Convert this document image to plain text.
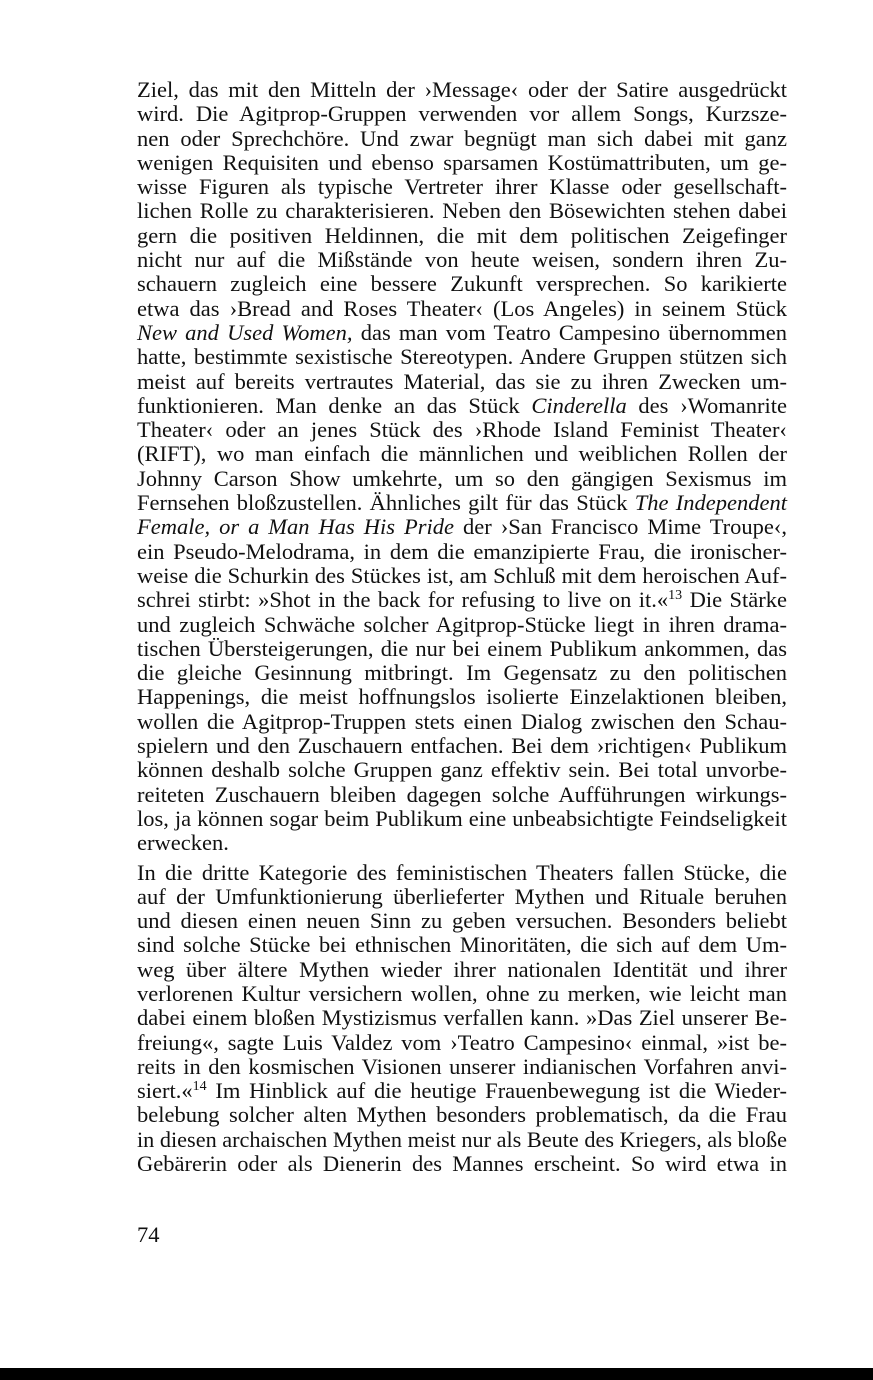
Ziel, das mit den Mitteln der ›Message‹ oder der Satire ausgedrückt
wird. Die Agitprop-Gruppen verwenden vor allem Songs, Kurzsze-
nen oder Sprechchöre. Und zwar begnügt man sich dabei mit ganz
wenigen Requisiten und ebenso sparsamen Kostümattributen, um ge-
wisse Figuren als typische Vertreter ihrer Klasse oder gesellschaft-
lichen Rolle zu charakterisieren. Neben den Bösewichten stehen dabei
gern die positiven Heldinnen, die mit dem politischen Zeigefinger
nicht nur auf die Mißstände von heute weisen, sondern ihren Zu-
schauern zugleich eine bessere Zukunft versprechen. So karikierte
etwa das ›Bread and Roses Theater‹ (Los Angeles) in seinem Stück
New and Used Women, das man vom Teatro Campesino übernommen
hatte, bestimmte sexistische Stereotypen. Andere Gruppen stützen sich
meist auf bereits vertrautes Material, das sie zu ihren Zwecken um-
funktionieren. Man denke an das Stück Cinderella des ›Womanrite
Theater‹ oder an jenes Stück des ›Rhode Island Feminist Theater‹
(RIFT), wo man einfach die männlichen und weiblichen Rollen der
Johnny Carson Show umkehrte, um so den gängigen Sexismus im
Fernsehen bloßzustellen. Ähnliches gilt für das Stück The Independent
Female, or a Man Has His Pride der ›San Francisco Mime Troupe‹,
ein Pseudo-Melodrama, in dem die emanzipierte Frau, die ironischer-
weise die Schurkin des Stückes ist, am Schluß mit dem heroischen Auf-
schrei stirbt: »Shot in the back for refusing to live on it.«$^{13}$ Die Stärke
und zugleich Schwäche solcher Agitprop-Stücke liegt in ihren drama-
tischen Übersteigerungen, die nur bei einem Publikum ankommen, das
die gleiche Gesinnung mitbringt. Im Gegensatz zu den politischen
Happenings, die meist hoffnungslos isolierte Einzelaktionen bleiben,
wollen die Agitprop-Truppen stets einen Dialog zwischen den Schau-
spielern und den Zuschauern entfachen. Bei dem ›richtigen‹ Publikum
können deshalb solche Gruppen ganz effektiv sein. Bei total unvorbe-
reiteten Zuschauern bleiben dagegen solche Aufführungen wirkungs-
los, ja können sogar beim Publikum eine unbeabsichtigte Feindseligkeit
erwecken.
In die dritte Kategorie des feministischen Theaters fallen Stücke, die
auf der Umfunktionierung überlieferter Mythen und Rituale beruhen
und diesen einen neuen Sinn zu geben versuchen. Besonders beliebt
sind solche Stücke bei ethnischen Minoritäten, die sich auf dem Um-
weg über ältere Mythen wieder ihrer nationalen Identität und ihrer
verlorenen Kultur versichern wollen, ohne zu merken, wie leicht man
dabei einem bloßen Mystizismus verfallen kann. »Das Ziel unserer Be-
freiung«, sagte Luis Valdez vom ›Teatro Campesino‹ einmal, »ist be-
reits in den kosmischen Visionen unserer indianischen Vorfahren anvi-
siert.«$^{14}$ Im Hinblick auf die heutige Frauenbewegung ist die Wieder-
belebung solcher alten Mythen besonders problematisch, da die Frau
in diesen archaischen Mythen meist nur als Beute des Kriegers, als bloße
Gebärerin oder als Dienerin des Mannes erscheint. So wird etwa in
74
